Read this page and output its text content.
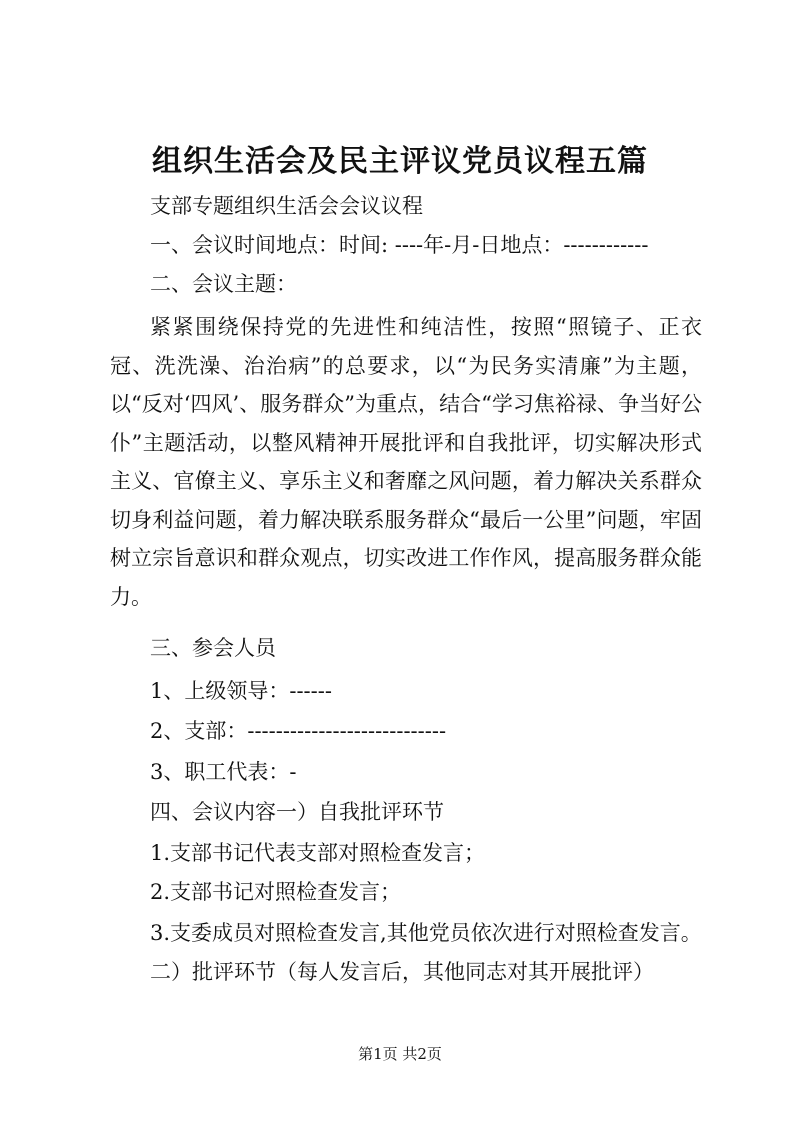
组织生活会及民主评议党员议程五篇
支部专题组织生活会会议议程
一、会议时间地点：时间: ----年-月-日地点：------------
二、会议主题：
紧紧围绕保持党的先进性和纯洁性，按照“照镜子、正衣冠、洗洗澡、治治病”的总要求，以“为民务实清廉”为主题，以“反对‘四风’、服务群众”为重点，结合“学习焦裕禄、争当好公仆”主题活动，以整风精神开展批评和自我批评，切实解决形式主义、官僚主义、享乐主义和奢靡之风问题，着力解决关系群众切身利益问题，着力解决联系服务群众“最后一公里”问题，牢固树立宗旨意识和群众观点，切实改进工作作风，提高服务群众能力。
三、参会人员
1、上级领导：------
2、支部：----------------------------
3、职工代表：-
四、会议内容一）自我批评环节
1.支部书记代表支部对照检查发言；
2.支部书记对照检查发言；
3.支委成员对照检查发言,其他党员依次进行对照检查发言。
二）批评环节（每人发言后，其他同志对其开展批评）
第1页 共2页
